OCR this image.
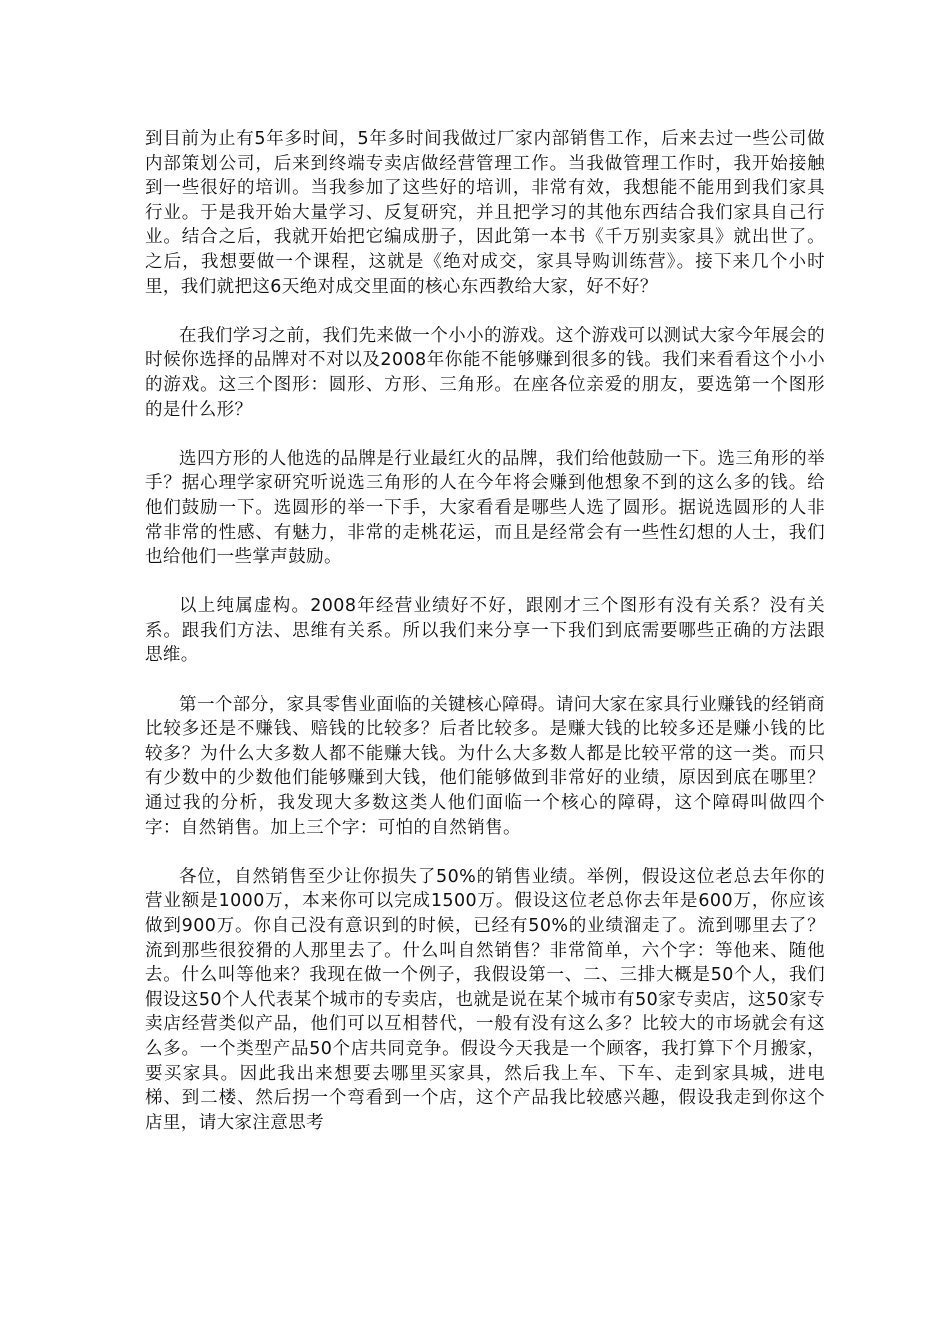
到目前为止有5年多时间，5年多时间我做过厂家内部销售工作，后来去过一些公司做内部策划公司，后来到终端专卖店做经营管理工作。当我做管理工作时，我开始接触到一些很好的培训。当我参加了这些好的培训，非常有效，我想能不能用到我们家具行业。于是我开始大量学习、反复研究，并且把学习的其他东西结合我们家具自己行业。结合之后，我就开始把它编成册子，因此第一本书《千万别卖家具》就出世了。之后，我想要做一个课程，这就是《绝对成交，家具导购训练营》。接下来几个小时里，我们就把这6天绝对成交里面的核心东西教给大家，好不好？

在我们学习之前，我们先来做一个小小的游戏。这个游戏可以测试大家今年展会的时候你选择的品牌对不对以及2008年你能不能够赚到很多的钱。我们来看看这个小小的游戏。这三个图形：圆形、方形、三角形。在座各位亲爱的朋友，要选第一个图形的是什么形？

选四方形的人他选的品牌是行业最红火的品牌，我们给他鼓励一下。选三角形的举手？据心理学家研究听说选三角形的人在今年将会赚到他想象不到的这么多的钱。给他们鼓励一下。选圆形的举一下手，大家看看是哪些人选了圆形。据说选圆形的人非常非常的性感、有魅力，非常的走桃花运，而且是经常会有一些性幻想的人士，我们也给他们一些掌声鼓励。

以上纯属虚构。2008年经营业绩好不好，跟刚才三个图形有没有关系？没有关系。跟我们方法、思维有关系。所以我们来分享一下我们到底需要哪些正确的方法跟思维。

第一个部分，家具零售业面临的关键核心障碍。请问大家在家具行业赚钱的经销商比较多还是不赚钱、赔钱的比较多？后者比较多。是赚大钱的比较多还是赚小钱的比较多？为什么大多数人都不能赚大钱。为什么大多数人都是比较平常的这一类。而只有少数中的少数他们能够赚到大钱，他们能够做到非常好的业绩，原因到底在哪里？通过我的分析，我发现大多数这类人他们面临一个核心的障碍，这个障碍叫做四个字：自然销售。加上三个字：可怕的自然销售。

各位，自然销售至少让你损失了50%的销售业绩。举例，假设这位老总去年你的营业额是1000万，本来你可以完成1500万。假设这位老总你去年是600万，你应该做到900万。你自己没有意识到的时候，已经有50%的业绩溜走了。流到哪里去了？流到那些很狡猾的人那里去了。什么叫自然销售？非常简单，六个字：等他来、随他去。什么叫等他来？我现在做一个例子，我假设第一、二、三排大概是50个人，我们假设这50个人代表某个城市的专卖店，也就是说在某个城市有50家专卖店，这50家专卖店经营类似产品，他们可以互相替代，一般有没有这么多？比较大的市场就会有这么多。一个类型产品50个店共同竞争。假设今天我是一个顾客，我打算下个月搬家，要买家具。因此我出来想要去哪里买家具，然后我上车、下车、走到家具城，进电梯、到二楼、然后拐一个弯看到一个店，这个产品我比较感兴趣，假设我走到你这个店里，请大家注意思考
